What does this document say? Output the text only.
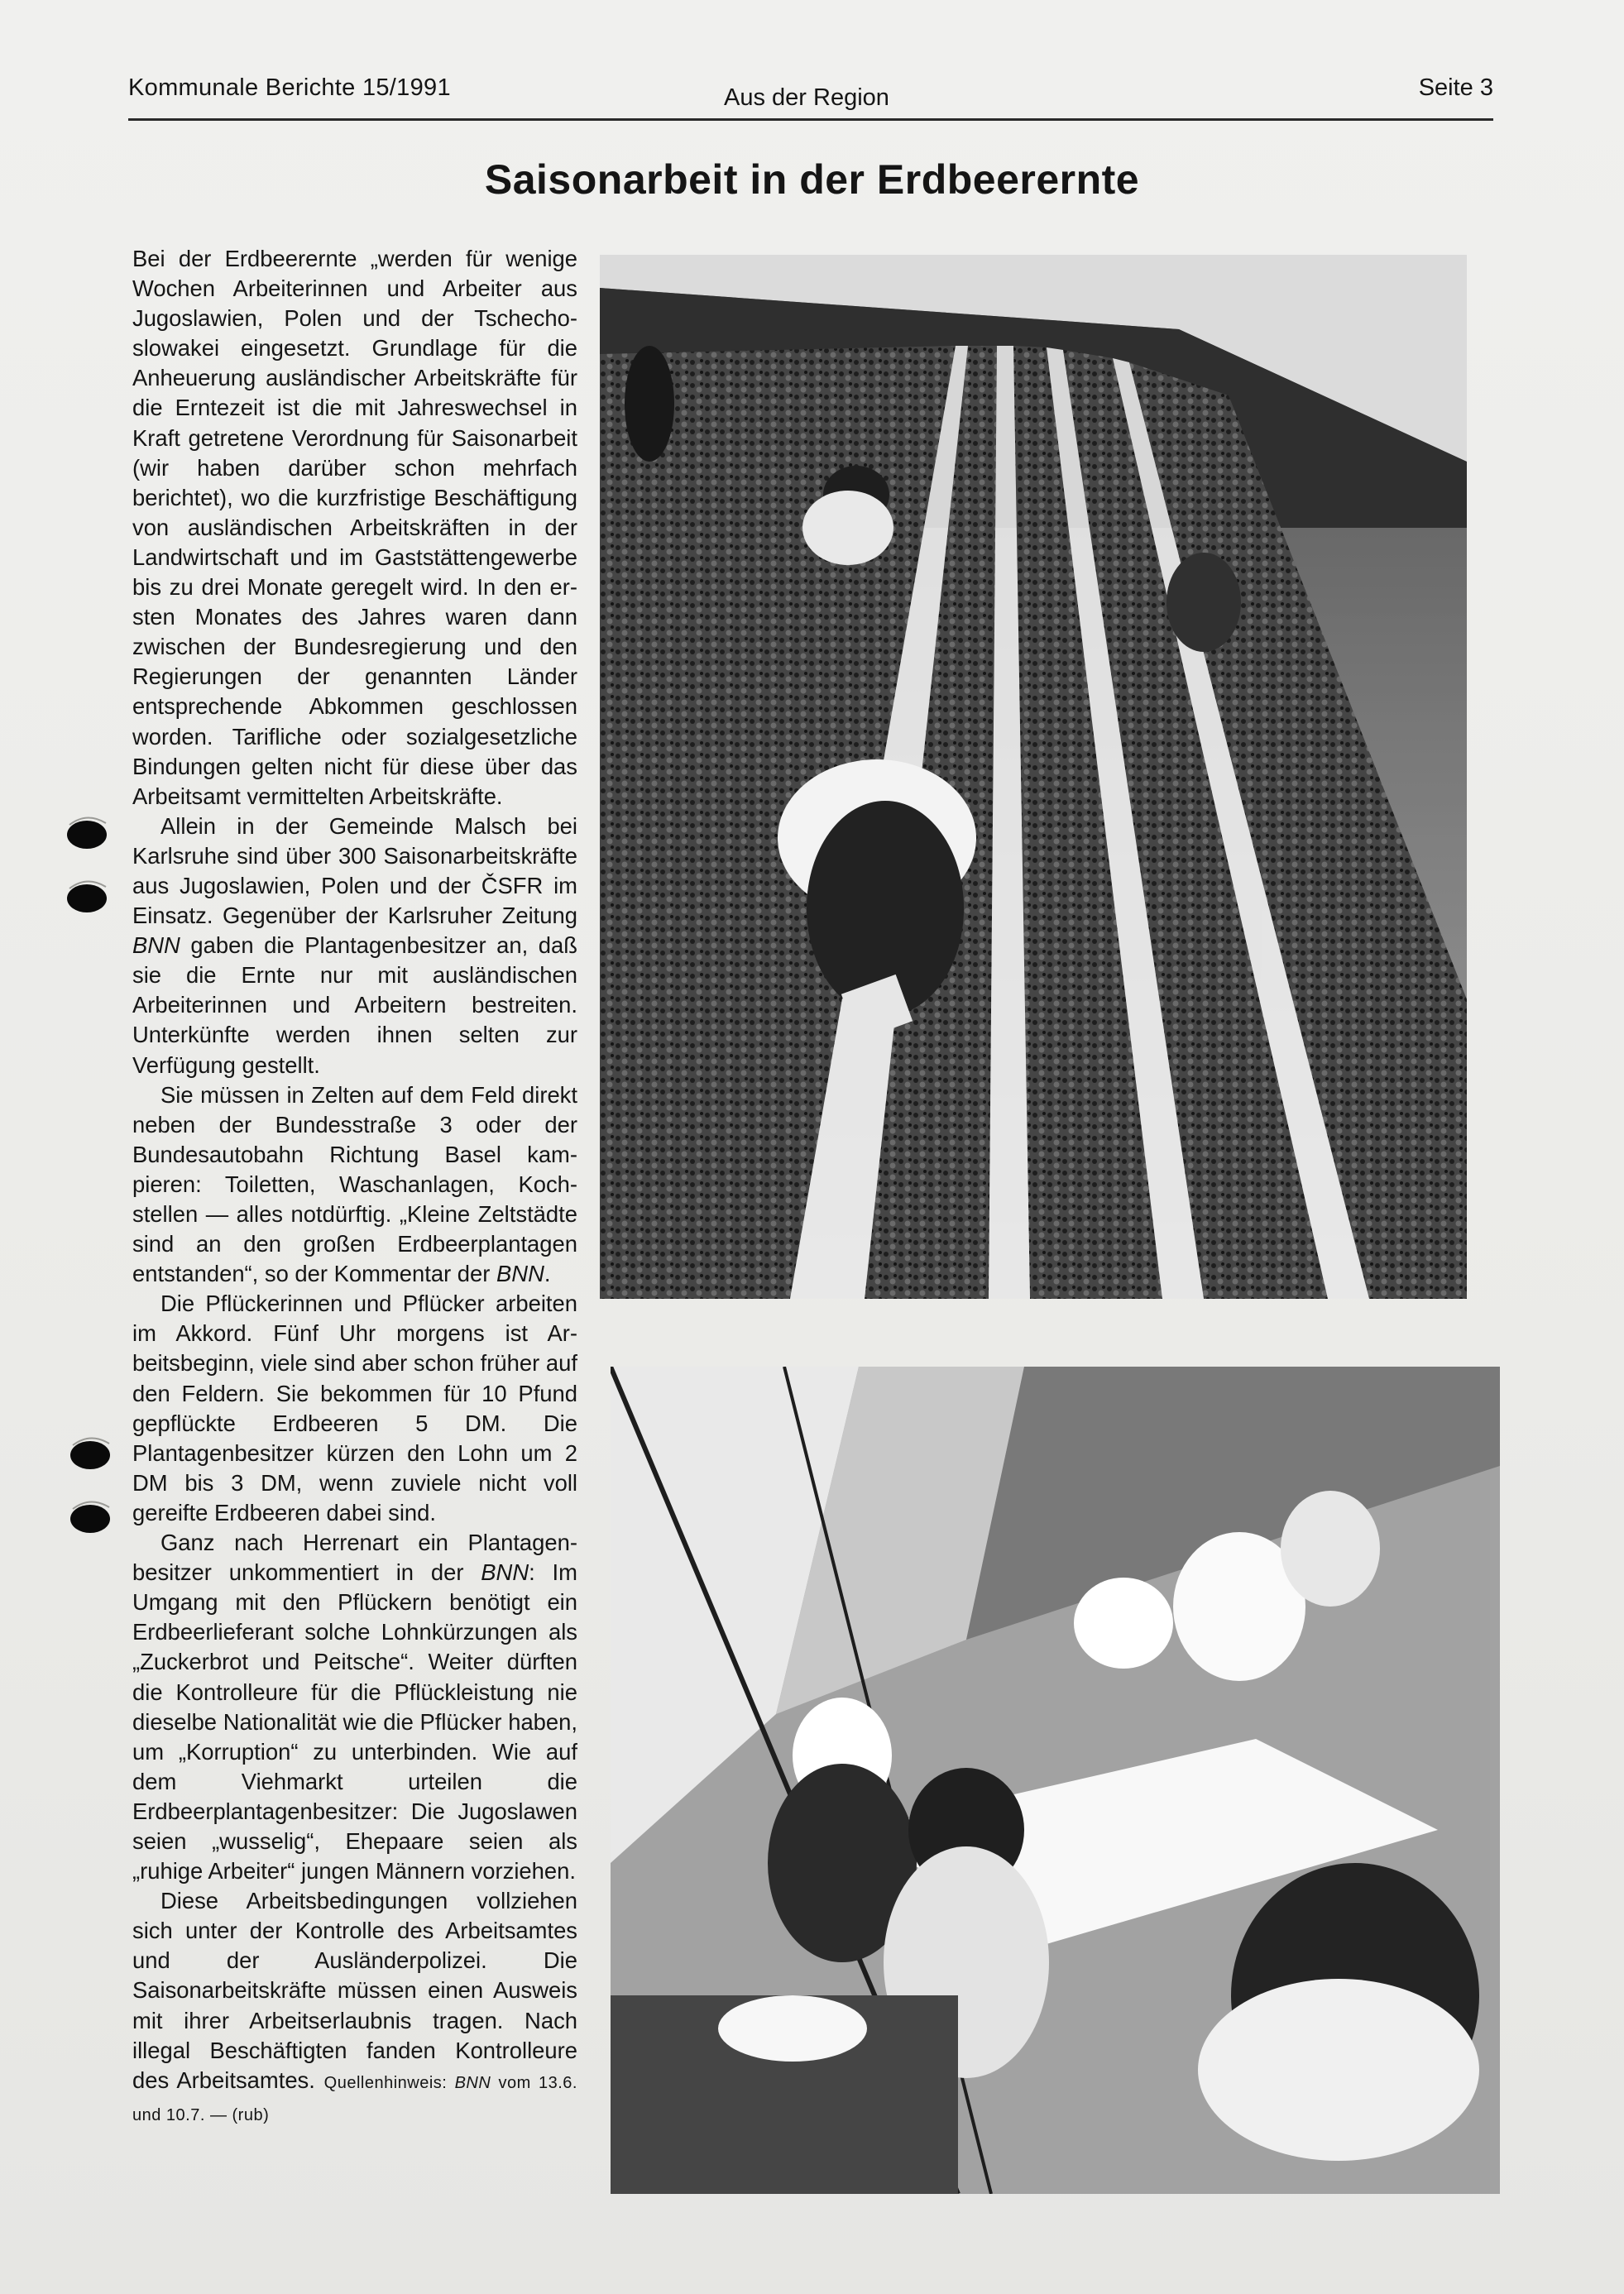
Kommunale Berichte 15/1991	Aus der Region	Seite 3
Saisonarbeit in der Erdbeerernte

Bei der Erdbeerernte „werden für wenige Wochen Arbeiterinnen und Arbeiter aus Jugoslawien, Polen und der Tschechoslowakei eingesetzt. Grundlage für die Anheuerung ausländischer Arbeitskräfte für die Erntezeit ist die mit Jahreswechsel in Kraft getretene Verordnung für Saisonarbeit (wir haben darüber schon mehrfach berichtet), wo die kurzfristige Beschäftigung von ausländischen Arbeitskräften in der Landwirtschaft und im Gaststättengewerbe bis zu drei Monate geregelt wird. In den ersten Monates des Jahres waren dann zwischen der Bundesregierung und den Regierungen der genannten Länder entsprechende Abkommen geschlossen worden. Tarifliche oder sozialgesetzliche Bindungen gelten nicht für diese über das Arbeitsamt vermittelten Arbeitskräfte.

Allein in der Gemeinde Malsch bei Karlsruhe sind über 300 Saisonarbeitskräfte aus Jugoslawien, Polen und der ČSFR im Einsatz. Gegenüber der Karlsruher Zeitung BNN gaben die Plantagenbesitzer an, daß sie die Ernte nur mit ausländischen Arbeiterinnen und Arbeitern bestreiten. Unterkünfte werden ihnen selten zur Verfügung gestellt.

Sie müssen in Zelten auf dem Feld direkt neben der Bundesstraße 3 oder der Bundesautobahn Richtung Basel kampieren: Toiletten, Waschanlagen, Kochstellen — alles notdürftig. „Kleine Zeltstädte sind an den großen Erdbeerplantagen entstanden“, so der Kommentar der BNN.

Die Pflückerinnen und Pflücker arbeiten im Akkord. Fünf Uhr morgens ist Arbeitsbeginn, viele sind aber schon früher auf den Feldern. Sie bekommen für 10 Pfund gepflückte Erdbeeren 5 DM. Die Plantagenbesitzer kürzen den Lohn um 2 DM bis 3 DM, wenn zuviele nicht voll gereifte Erdbeeren dabei sind.

Ganz nach Herrenart ein Plantagenbesitzer unkommentiert in der BNN: Im Umgang mit den Pflückern benötigt ein Erdbeerlieferant solche Lohnkürzungen als „Zuckerbrot und Peitsche“. Weiter dürften die Kontrolleure für die Pflückleistung nie dieselbe Nationalität wie die Pflücker haben, um „Korruption“ zu unterbinden. Wie auf dem Viehmarkt urteilen die Erdbeerplantagenbesitzer: Die Jugoslawen seien „wusselig“, Ehepaare seien als „ruhige Arbeiter“ jungen Männern vorziehen.

Diese Arbeitsbedingungen vollziehen sich unter der Kontrolle des Arbeitsamtes und der Ausländerpolizei. Die Saisonarbeitskräfte müssen einen Ausweis mit ihrer Arbeitserlaubnis tragen. Nach illegal Beschäftigten fanden Kontrolleure des Arbeitsamtes. Quellenhinweis: BNN vom 13.6. und 10.7. — (rub)
